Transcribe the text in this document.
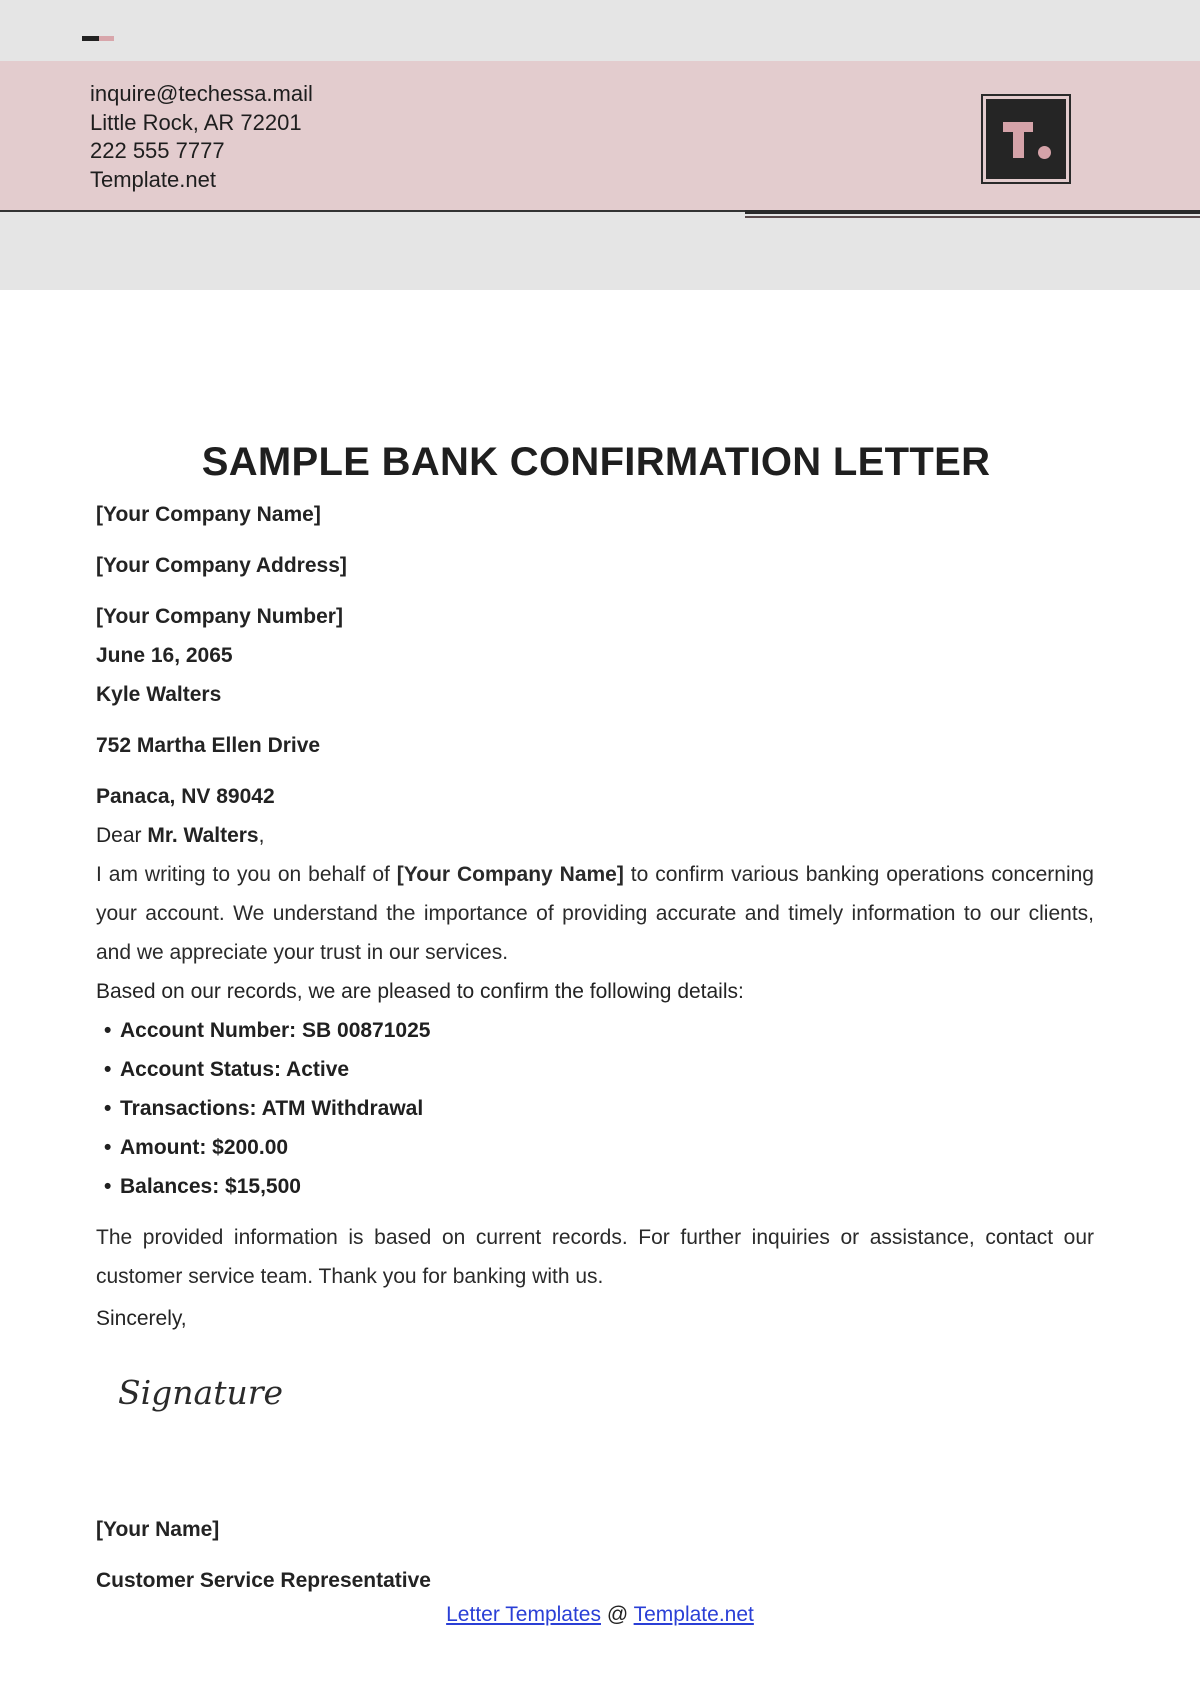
inquire@techessa.mail
Little Rock, AR 72201
222 555 7777
Template.net
SAMPLE BANK CONFIRMATION LETTER
[Your Company Name]
[Your Company Address]
[Your Company Number]
June 16, 2065
Kyle Walters
752 Martha Ellen Drive
Panaca, NV 89042
Dear Mr. Walters,
I am writing to you on behalf of [Your Company Name] to confirm various banking operations concerning your account. We understand the importance of providing accurate and timely information to our clients, and we appreciate your trust in our services.
Based on our records, we are pleased to confirm the following details:
• Account Number: SB 00871025
• Account Status: Active
• Transactions: ATM Withdrawal
• Amount: $200.00
• Balances: $15,500
The provided information is based on current records. For further inquiries or assistance, contact our customer service team. Thank you for banking with us.
Sincerely,
Signature
[Your Name]
Customer Service Representative
Letter Templates @ Template.net
